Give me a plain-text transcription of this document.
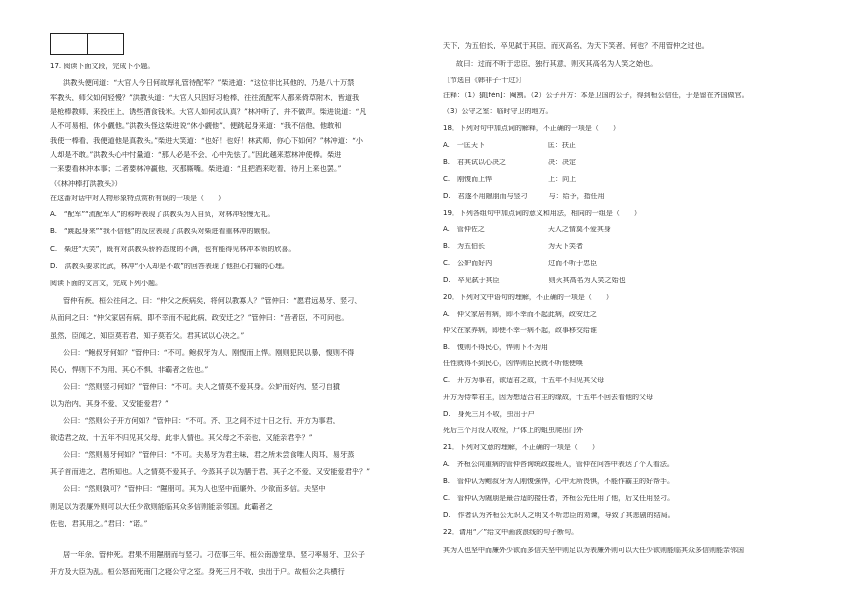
17. 阅读下面文段，完成下小题。
洪教头便问道：“大官人今日何故厚礼管待配军？”柴进道：“这位非比其他的，乃是八十万禁
军教头，师父如何轻慢？”洪教头道：“大官人只因好习枪棒，往往流配军人都来倚草附木，皆道我
是枪棒教师，来投庄上，诱些酒食钱米。大官人如何忒认真？”林冲听了，并不做声。柴进说道：“凡
人不可易相，休小觑他。”洪教头怪这柴进说“休小觑他”，便跳起身来道：“我不信他，他敢和
我使一棒看，我便道他是真教头。”柴进大笑道：“也好！也好！林武师，你心下如何？”林冲道：“小
人却是不敢。”洪教头心中忖量道：“那人必是不会，心中先怯了。”因此越来惹林冲使棒。柴进
一来要看林冲本事；二者要林冲赢他，灭那厮嘴。柴进道：“且把酒来吃着，待月上来也罢。”
（《林冲棒打洪教头》）
在这番对话中对人物形象特点赏析有误的一项是（　　）
A.　“配军”“流配军人”的称呼表现了洪教头为人自负，对林冲轻慢无礼。
B.　“跳起身来”“我不信他”的反应表现了洪教头对柴进看重林冲的嫉恨。
C.　柴进“大笑”，既有对洪教头骄矜态度的不满，也有能得见林冲本领的欣喜。
D.　洪教头要求比武，林冲“小人却是不敢”的回答表现了他担心打输的心理。
阅读下面的文言文，完成下列小题。
管仲有疾，桓公往问之，曰：“仲父之疾病矣，将何以教寡人？”管仲曰：“愿君远易牙、竖刁、
从而问之曰：“仲父家居有病，即不幸而不起此病，政安迁之？”管仲曰：“昔者臣，不可问也。
虽然，臣闻之，知臣莫若君，知子莫若父。君其试以心决之。”
公曰：“鲍叔牙何如？”管仲曰：“不可。鲍叔牙为人，刚愎而上悍。刚则犯民以暴，愎则不得
民心，悍则下不为用，其心不惧，非霸者之佐也。”
公曰：“然则竖刁何如？”管仲曰：“不可。夫人之情莫不爱其身。公妒而好内，竖刁自獖
以为治内，其身不爱，又安能爱君？”
公曰：“然则公子开方何如？”管仲曰：“不可。齐、卫之间不过十日之行，开方为事君，
欲适君之故，十五年不归见其父母，此非人情也。其父母之不亲也，又能亲君乎？”
公曰：“然则易牙何如？”管仲曰：“不可。夫易牙为君主味，君之所未尝食唯人肉耳，易牙蒸
其子首而进之，君所知也。人之情莫不爱其子，今蒸其子以为膳于君，其子之不爱，又安能爱君乎？”
公曰：“然则孰可？”管仲曰：“隰朋可。其为人也坚中而廉外，少欲而多信。夫坚中
则足以为表廉外则可以大任少欲则能临其众多信则能亲邻国。此霸者之
佐也，君其用之。”君曰：“诺。”
居一年余，管仲死。君果不用隰朋而与竖刁。刁莅事三年，桓公南游堂阜，竖刁率易牙、卫公子
开方及大臣为乱。桓公怒而死南门之寝公守之室。身死三月不收，虫出于户。故桓公之兵横行
天下，为五伯长，卒见弑于其臣，而灭高名，为天下笑者，何也？不用管仲之过也。
故曰：过而不听于忠臣，独行其意，则灭其高名为人笑之始也。
〔节选自《韩非子·十过》〕
注释：（1）獖[fèn]：阉割。（2）公子开方：本是卫国的公子，得到桓公信任，于是留在齐国做官。
（3）公守之室：临时守卫的地方。
18．下列对句中加点词的解释，不正确的一项是（　　）
A.　一匡天下　　　　　　　　　匡：扶正
B.　君其试以心决之　　　　　　决：决定
C.　刚愎而上悍　　　　　　　　上：向上
D.　君遂不用隰朋而与竖刁　　　与：给予，指任用
19．下列各组句中加点词的意义和用法，相同的一组是（　　）
A.　管仲佐之　　　　　　　　　天人之情莫不爱其身
B.　为五伯长　　　　　　　　　为天下笑者
C.　公妒而好内　　　　　　　　过而不听于忠臣
D.　卒见弑于其臣　　　　　　　则灭其高名为人笑之始也
20．下列对文中语句的理解，不正确的一项是（　　）
A.　仲父家居有病，即不幸而不起此病，政安迁之
仲父在家养病，即使不幸一病不起，政事移交给谁
B.　愎则不得民心，悍则下不为用
任性就得不到民心，凶悍则臣民就不听他使唤
C.　开方为事君，欲适君之故，十五年不归见其父母
开方为侍奉君主，因为想适合君主的缘故，十五年不回去看他的父母
D.　身死三月不收，虫出于户
死后三个月没人收殓，尸体上的蛆虫爬出门外
21．下列对文意的理解，不正确的一项是（　　）
A.　齐桓公向重病的管仲咨询统政接班人，管仲在问答中表达了个人看法。
B.　管仲认为鲍叔牙为人刚愎强悍，心中无所畏惧，不能作霸主的好帮手。
C.　管仲认为隰朋是最合适的接任者，齐桓公先任用了他，后又任用竖刁。
D.　作者认为齐桓公无识人之明又不听忠臣的劝谏，导致了其悲剧的结局。
22．请用“／”给文中画波浪线的句子断句。
其为人也坚中而廉外少欲而多信夫坚中则足以为表廉外则可以大任少欲则能临其众多信则能亲邻国
